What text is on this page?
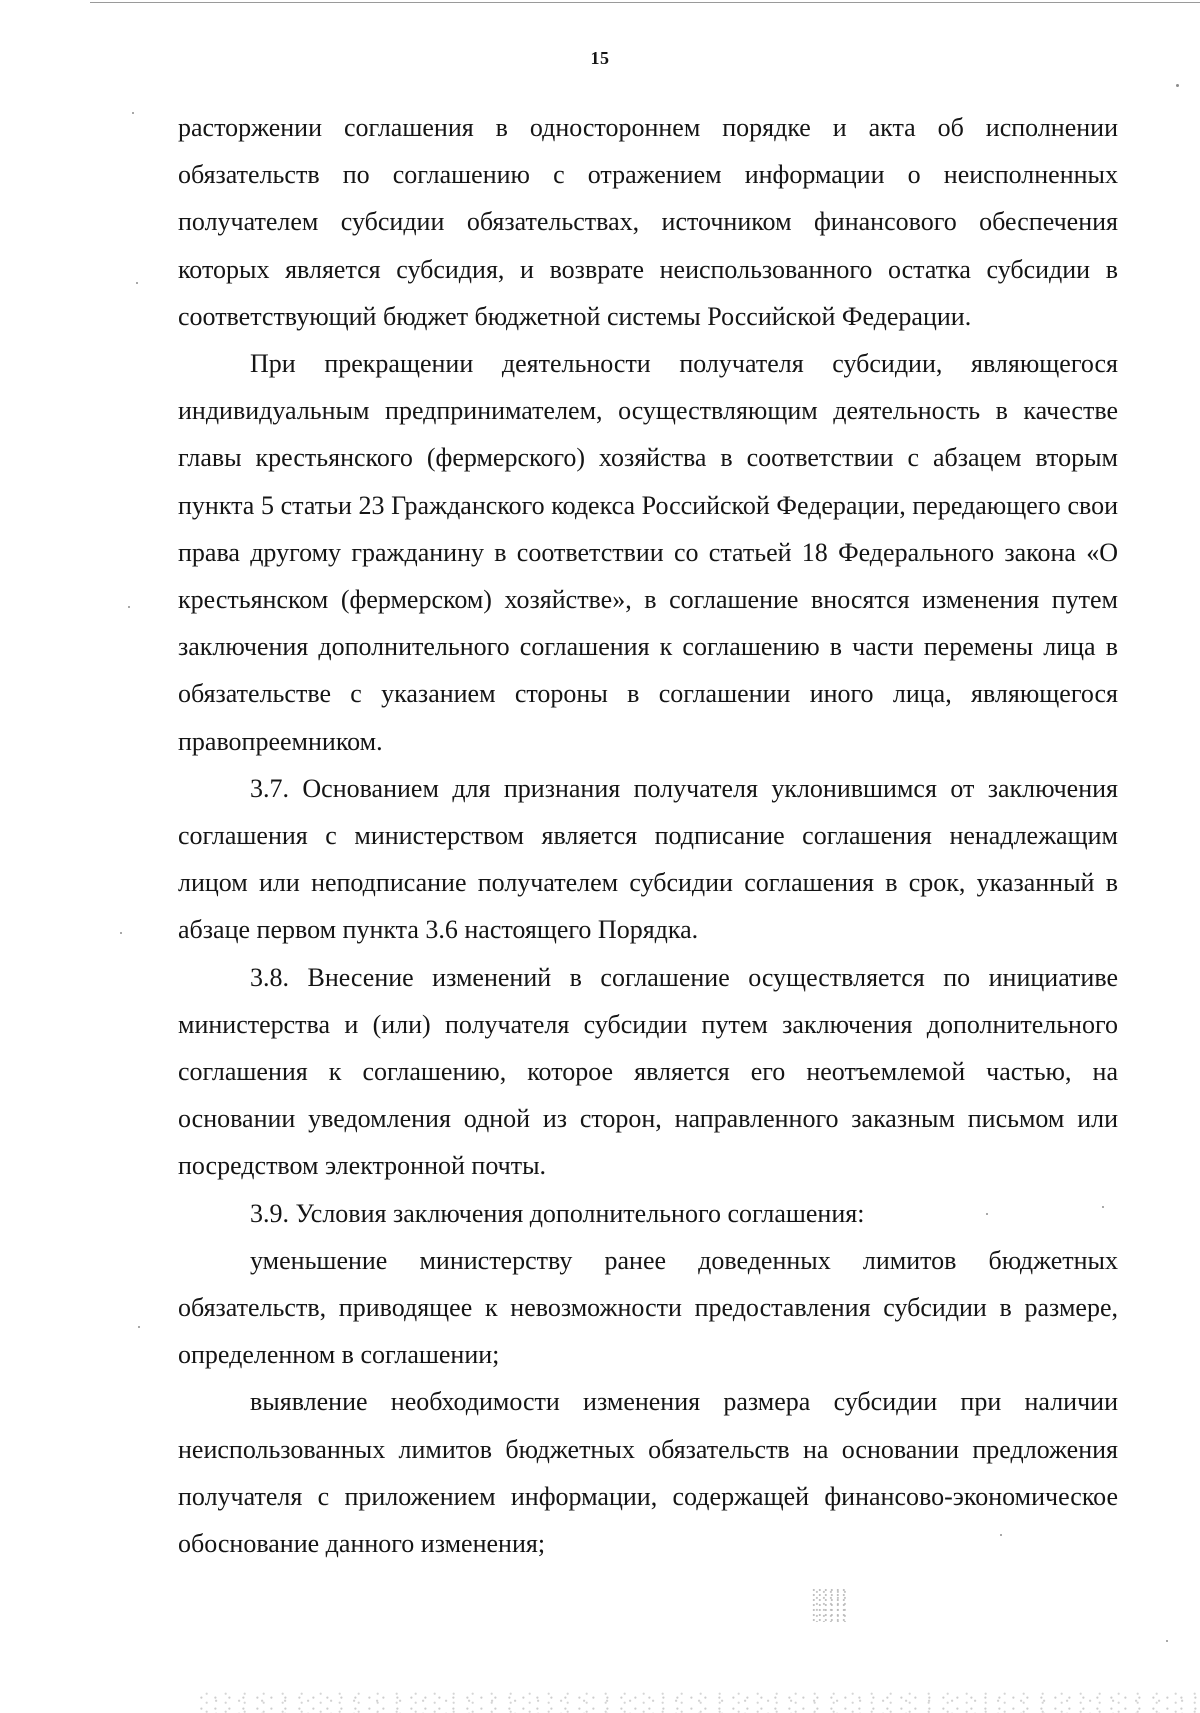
15

расторжении соглашения в одностороннем порядке и акта об исполнении обязательств по соглашению с отражением информации о неисполненных получателем субсидии обязательствах, источником финансового обеспечения которых является субсидия, и возврате неиспользованного остатка субсидии в соответствующий бюджет бюджетной системы Российской Федерации.

При прекращении деятельности получателя субсидии, являющегося индивидуальным предпринимателем, осуществляющим деятельность в качестве главы крестьянского (фермерского) хозяйства в соответствии с абзацем вторым пункта 5 статьи 23 Гражданского кодекса Российской Федерации, передающего свои права другому гражданину в соответствии со статьей 18 Федерального закона «О крестьянском (фермерском) хозяйстве», в соглашение вносятся изменения путем заключения дополнительного соглашения к соглашению в части перемены лица в обязательстве с указанием стороны в соглашении иного лица, являющегося правопреемником.

3.7. Основанием для признания получателя уклонившимся от заключения соглашения с министерством является подписание соглашения ненадлежащим лицом или неподписание получателем субсидии соглашения в срок, указанный в абзаце первом пункта 3.6 настоящего Порядка.

3.8. Внесение изменений в соглашение осуществляется по инициативе министерства и (или) получателя субсидии путем заключения дополнительного соглашения к соглашению, которое является его неотъемлемой частью, на основании уведомления одной из сторон, направленного заказным письмом или посредством электронной почты.

3.9. Условия заключения дополнительного соглашения:

уменьшение министерству ранее доведенных лимитов бюджетных обязательств, приводящее к невозможности предоставления субсидии в размере, определенном в соглашении;

выявление необходимости изменения размера субсидии при наличии неиспользованных лимитов бюджетных обязательств на основании предложения получателя с приложением информации, содержащей финансово-экономическое обоснование данного изменения;
